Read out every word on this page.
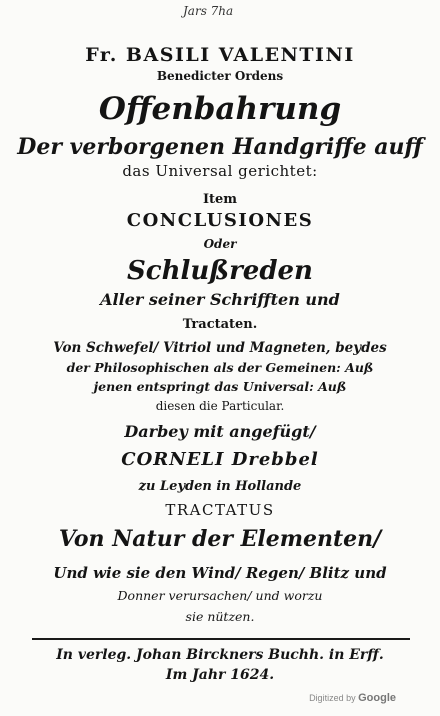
Jars 7ha
Fr. BASILI VALENTINI
Benedicter Ordens
Offenbahrung
Der verborgenen Handgriffe auff
das Universal gerichtet:
Item
CONCLUSIONES
Oder
Schlußreden
Aller seiner Schrifften und
Tractaten.
Von Schwefel/ Vitriol und Magneten, beydes
der Philosophischen als der Gemeinen: Auß
jenen entspringt das Universal: Auß
diesen die Particular.
Darbey mit angefügt/
CORNELI Drebbel
zu Leyden in Hollande
TRACTATUS
Von Natur der Elementen/
Und wie sie den Wind/ Regen/ Blitz und
Donner verursachen/ und worzu
sie nützen.
In verleg. Johan Birckners Buchh. in Erff.
Im Jahr 1624.
Digitized by Google
